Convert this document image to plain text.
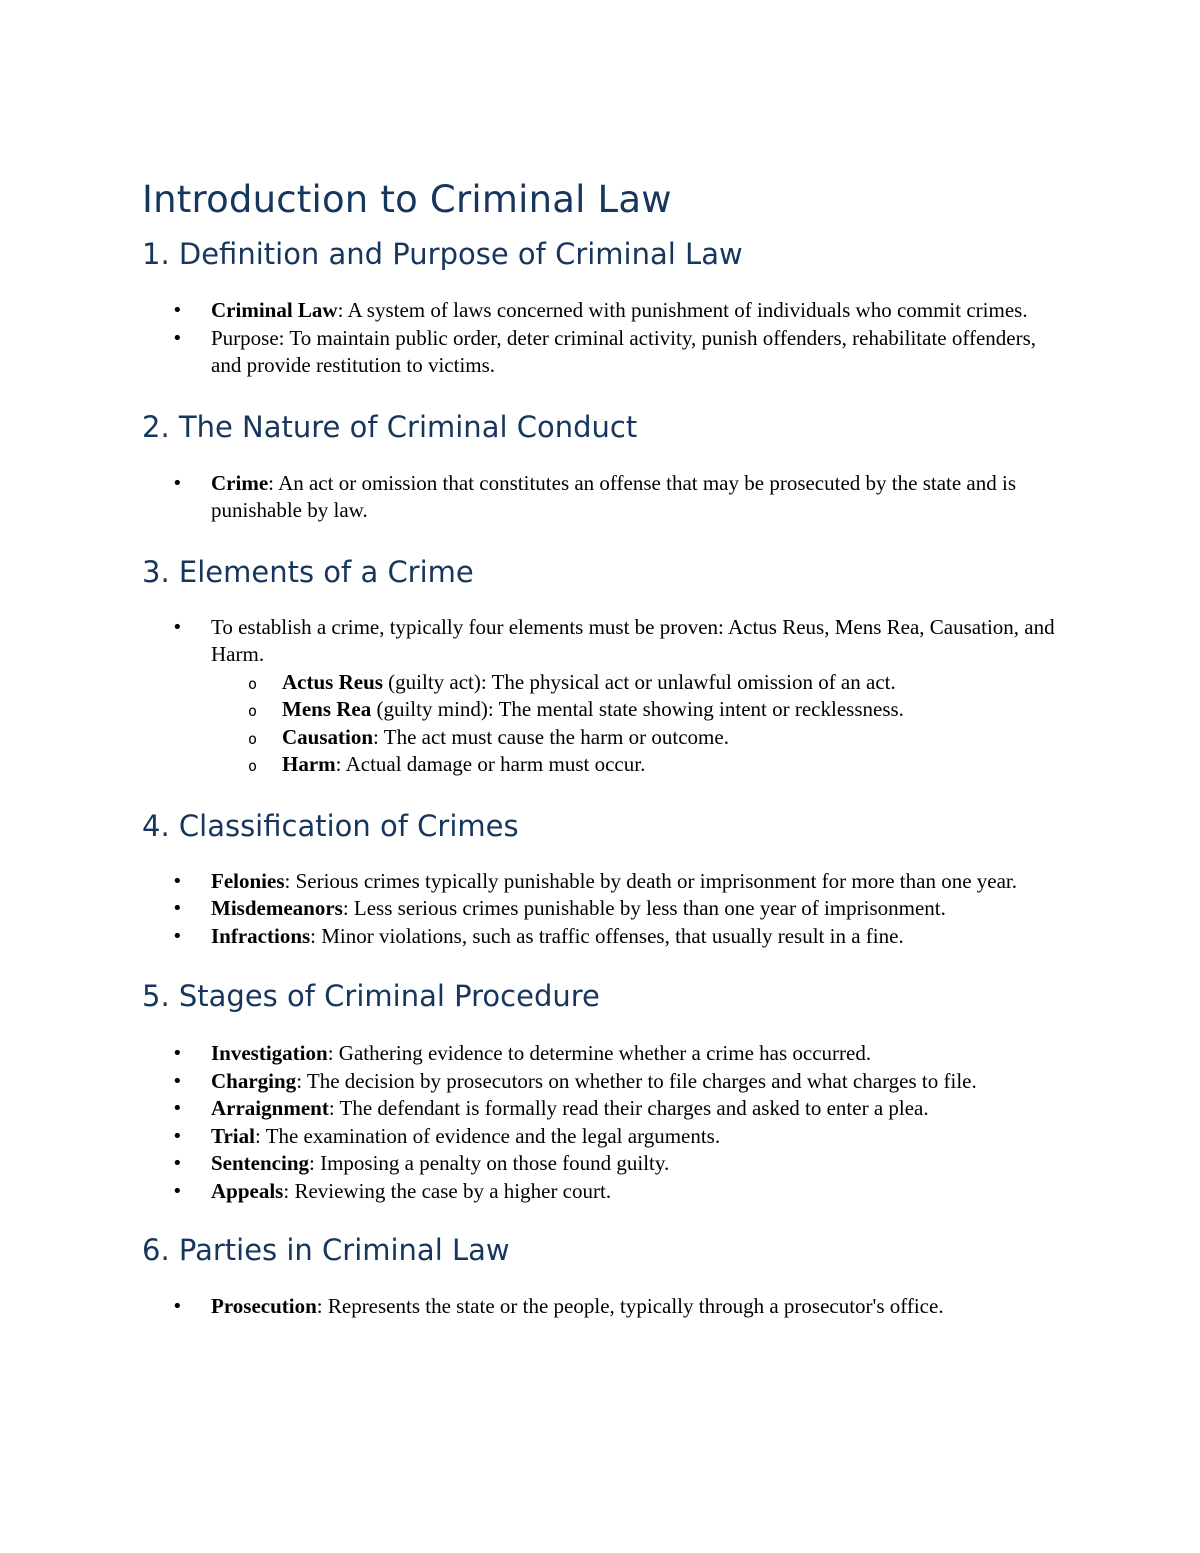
Introduction to Criminal Law
1. Definition and Purpose of Criminal Law
• Criminal Law: A system of laws concerned with punishment of individuals who commit crimes.
• Purpose: To maintain public order, deter criminal activity, punish offenders, rehabilitate offenders, and provide restitution to victims.
2. The Nature of Criminal Conduct
• Crime: An act or omission that constitutes an offense that may be prosecuted by the state and is punishable by law.
3. Elements of a Crime
• To establish a crime, typically four elements must be proven: Actus Reus, Mens Rea, Causation, and Harm.
o Actus Reus (guilty act): The physical act or unlawful omission of an act.
o Mens Rea (guilty mind): The mental state showing intent or recklessness.
o Causation: The act must cause the harm or outcome.
o Harm: Actual damage or harm must occur.
4. Classification of Crimes
• Felonies: Serious crimes typically punishable by death or imprisonment for more than one year.
• Misdemeanors: Less serious crimes punishable by less than one year of imprisonment.
• Infractions: Minor violations, such as traffic offenses, that usually result in a fine.
5. Stages of Criminal Procedure
• Investigation: Gathering evidence to determine whether a crime has occurred.
• Charging: The decision by prosecutors on whether to file charges and what charges to file.
• Arraignment: The defendant is formally read their charges and asked to enter a plea.
• Trial: The examination of evidence and the legal arguments.
• Sentencing: Imposing a penalty on those found guilty.
• Appeals: Reviewing the case by a higher court.
6. Parties in Criminal Law
• Prosecution: Represents the state or the people, typically through a prosecutor's office.
